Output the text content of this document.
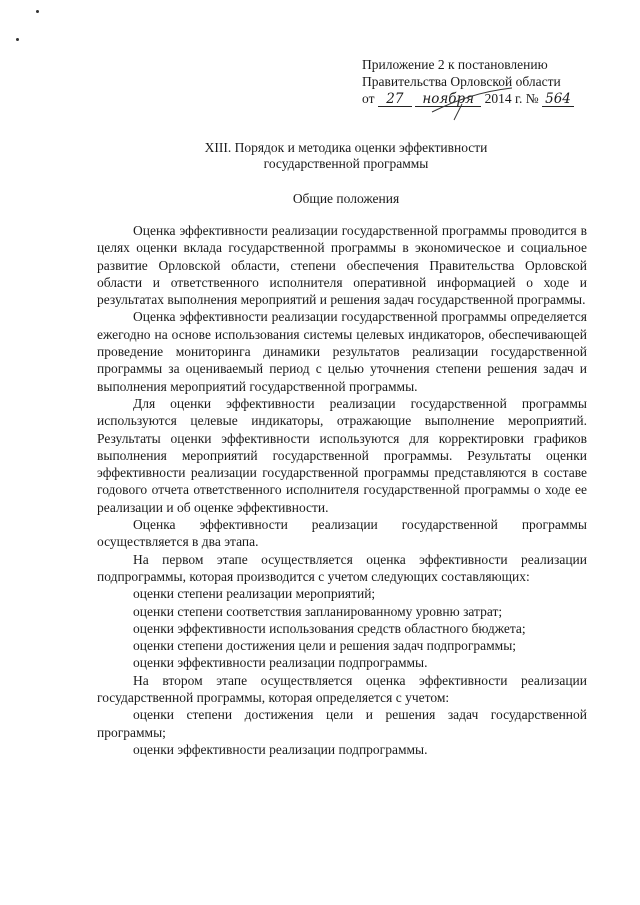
Приложение 2 к постановлению
Правительства Орловской области
от 27 ноября 2014 г. № 564
XIII. Порядок и методика оценки эффективности
государственной программы
Общие положения

Оценка эффективности реализации государственной программы проводится в целях оценки вклада государственной программы в экономическое и социальное развитие Орловской области, степени обеспечения Правительства Орловской области и ответственного исполнителя оперативной информацией о ходе и результатах выполнения мероприятий и решения задач государственной программы.

Оценка эффективности реализации государственной программы определяется ежегодно на основе использования системы целевых индикаторов, обеспечивающей проведение мониторинга динамики результатов реализации государственной программы за оцениваемый период с целью уточнения степени решения задач и выполнения мероприятий государственной программы.

Для оценки эффективности реализации государственной программы используются целевые индикаторы, отражающие выполнение мероприятий. Результаты оценки эффективности используются для корректировки графиков выполнения мероприятий государственной программы. Результаты оценки эффективности реализации государственной программы представляются в составе годового отчета ответственного исполнителя государственной программы о ходе ее реализации и об оценке эффективности.

Оценка эффективности реализации государственной программы осуществляется в два этапа.

На первом этапе осуществляется оценка эффективности реализации подпрограммы, которая производится с учетом следующих составляющих:

оценки степени реализации мероприятий;

оценки степени соответствия запланированному уровню затрат;

оценки эффективности использования средств областного бюджета;

оценки степени достижения цели и решения задач подпрограммы;

оценки эффективности реализации подпрограммы.

На втором этапе осуществляется оценка эффективности реализации государственной программы, которая определяется с учетом:

оценки степени достижения цели и решения задач государственной программы;

оценки эффективности реализации подпрограммы.
